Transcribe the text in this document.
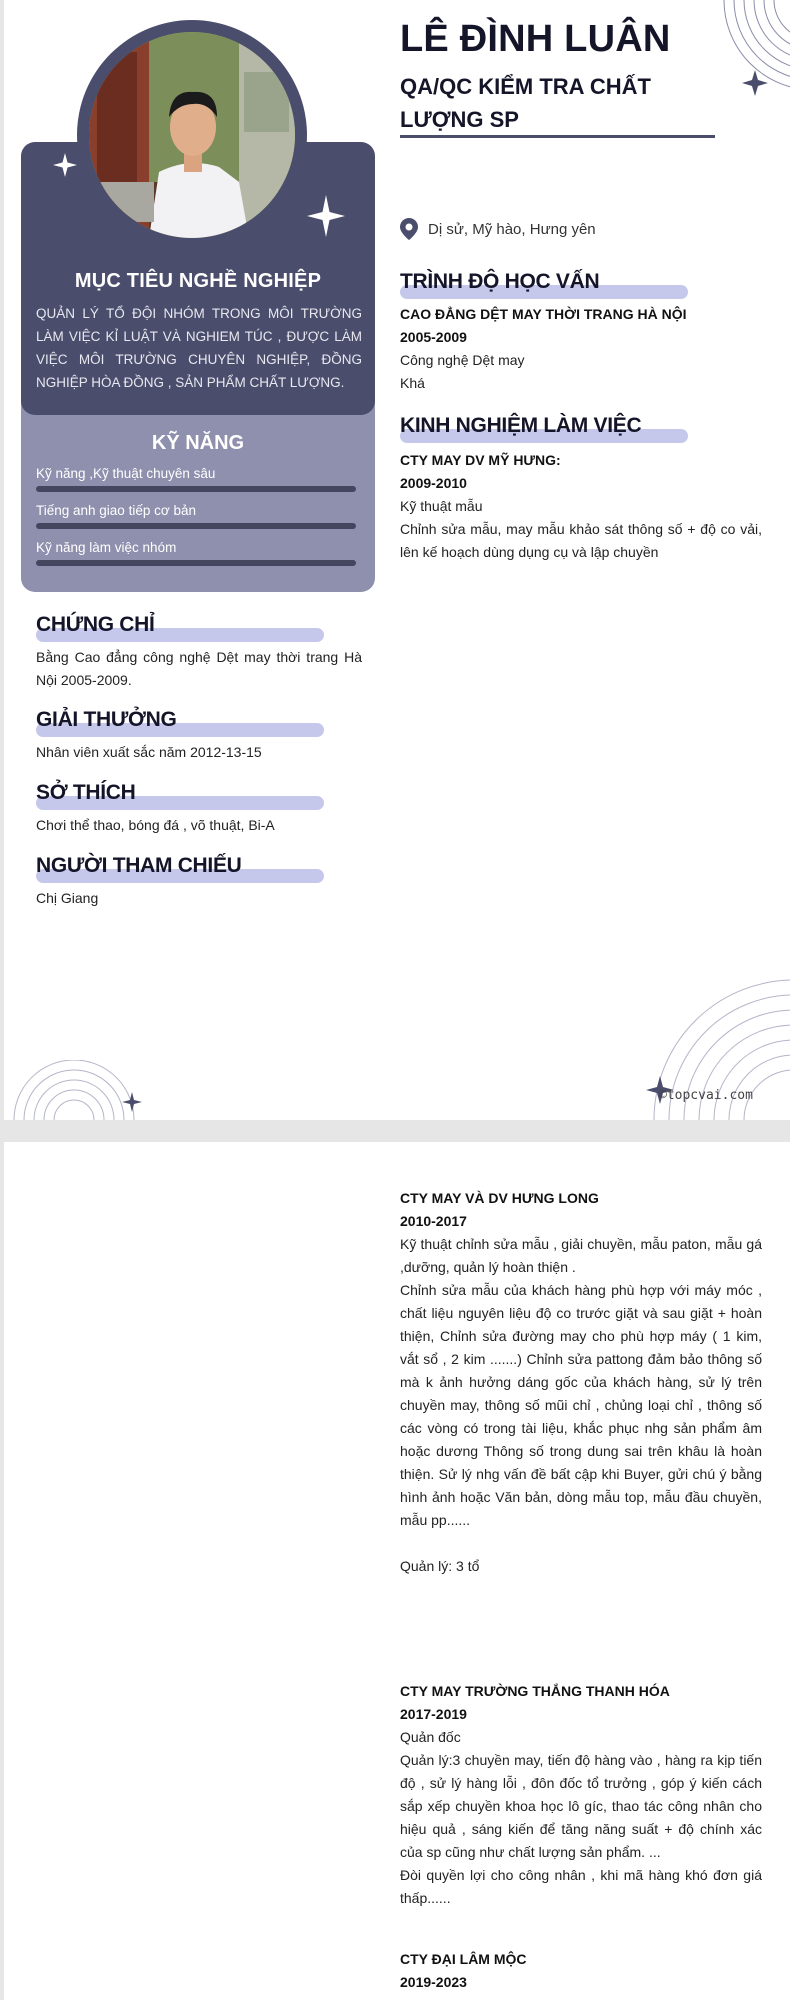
MỤC TIÊU NGHỀ NGHIỆP
QUẢN LÝ TỔ ĐỘI NHÓM TRONG MÔI TRƯỜNG LÀM VIỆC KỈ LUẬT VÀ NGHIEM TÚC , ĐƯỢC LÀM VIỆC MÔI TRƯỜNG CHUYÊN NGHIỆP, ĐỒNG NGHIỆP HÒA ĐỒNG , SẢN PHẨM CHẤT LƯỢNG.
KỸ NĂNG
Kỹ năng ,Kỹ thuật chuyên sâu
Tiếng anh giao tiếp cơ bản
Kỹ năng làm việc nhóm
CHỨNG CHỈ
Bằng Cao đẳng công nghệ Dệt may thời trang Hà Nội 2005-2009.
GIẢI THƯỞNG
Nhân viên xuất sắc năm 2012-13-15
SỞ THÍCH
Chơi thể thao, bóng đá , võ thuật, Bi-A
NGƯỜI THAM CHIẾU
Chị Giang
LÊ ĐÌNH LUÂN
QA/QC KIỂM TRA CHẤT LƯỢNG SP
Dị sử, Mỹ hào, Hưng yên
TRÌNH ĐỘ HỌC VẤN
CAO ĐẲNG DỆT MAY THỜI TRANG HÀ NỘI
2005-2009
Công nghệ Dệt may
Khá
KINH NGHIỆM LÀM VIỆC
CTY MAY DV MỸ HƯNG:
2009-2010
Kỹ thuật mẫu
Chỉnh sửa mẫu, may mẫu khảo sát thông số + độ co vải, lên kế hoạch dùng dụng cụ và lập chuyền
©topcvai.com
CTY MAY VÀ DV HƯNG LONG
2010-2017
Kỹ thuật chỉnh sửa mẫu , giải chuyền, mẫu paton, mẫu gá ,dưỡng, quản lý hoàn thiện .
Chỉnh sửa mẫu của khách hàng phù hợp với máy móc , chất liệu nguyên liệu độ co trước giặt và sau giặt + hoàn thiện, Chỉnh sửa đường may cho phù hợp máy ( 1 kim, vắt sổ , 2 kim .......) Chỉnh sửa pattong đảm bảo thông số mà k ảnh hưởng dáng gốc của khách hàng, sử lý trên chuyền may, thông số mũi chỉ , chủng loại chỉ , thông số các vòng có trong tài liệu, khắc phục nhg sản phẩm âm hoặc dương Thông số trong dung sai trên khâu là hoàn thiện. Sử lý nhg vấn đề bất cập khi Buyer, gửi chú ý bằng hình ảnh hoặc Văn bản, dòng mẫu top, mẫu đầu chuyền, mẫu pp......
Quản lý: 3 tổ
CTY MAY TRƯỜNG THẮNG THANH HÓA
2017-2019
Quản đốc
Quản lý:3 chuyền may, tiến độ hàng vào , hàng ra kịp tiến độ , sử lý hàng lỗi , đôn đốc tổ trưởng , góp ý kiến cách sắp xếp chuyền khoa học lô gíc, thao tác công nhân cho hiệu quả , sáng kiến để tăng năng suất + độ chính xác của sp cũng như chất lượng sản phẩm. ...
Đòi quyền lợi cho công nhân , khi mã hàng khó đơn giá thấp......
CTY ĐẠI LÂM MỘC
2019-2023
